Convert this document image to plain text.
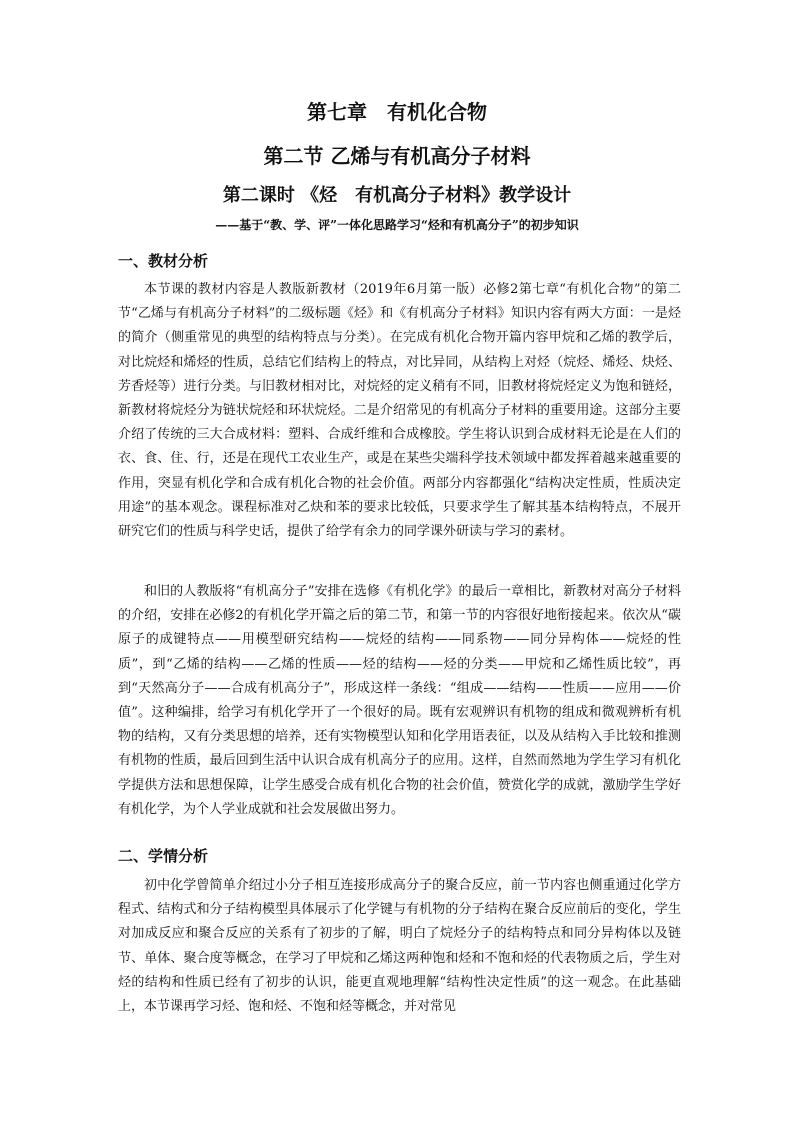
第七章　有机化合物
第二节 乙烯与有机高分子材料
第二课时 《烃　有机高分子材料》教学设计
——基于“教、学、评”一体化思路学习“烃和有机高分子”的初步知识
一、教材分析

本节课的教材内容是人教版新教材（2019年6月第一版）必修2第七章“有机化合物”的第二节“乙烯与有机高分子材料”的二级标题《烃》和《有机高分子材料》知识内容有两大方面：一是烃的简介（侧重常见的典型的结构特点与分类）。在完成有机化合物开篇内容甲烷和乙烯的教学后，对比烷烃和烯烃的性质，总结它们结构上的特点，对比异同，从结构上对烃（烷烃、烯烃、炔烃、芳香烃等）进行分类。与旧教材相对比，对烷烃的定义稍有不同，旧教材将烷烃定义为饱和链烃，新教材将烷烃分为链状烷烃和环状烷烃。二是介绍常见的有机高分子材料的重要用途。这部分主要介绍了传统的三大合成材料：塑料、合成纤维和合成橡胶。学生将认识到合成材料无论是在人们的衣、食、住、行，还是在现代工农业生产，或是在某些尖端科学技术领域中都发挥着越来越重要的作用，突显有机化学和合成有机化合物的社会价值。两部分内容都强化“结构决定性质，性质决定用途”的基本观念。课程标准对乙炔和苯的要求比较低，只要求学生了解其基本结构特点，不展开研究它们的性质与科学史话，提供了给学有余力的同学课外研读与学习的素材。

和旧的人教版将“有机高分子”安排在选修《有机化学》的最后一章相比，新教材对高分子材料的介绍，安排在必修2的有机化学开篇之后的第二节，和第一节的内容很好地衔接起来。依次从“碳原子的成键特点——用模型研究结构——烷烃的结构——同系物——同分异构体——烷烃的性质”，到“乙烯的结构——乙烯的性质——烃的结构——烃的分类——甲烷和乙烯性质比较”，再到“天然高分子——合成有机高分子”，形成这样一条线：“组成——结构——性质——应用——价值”。这种编排，给学习有机化学开了一个很好的局。既有宏观辨识有机物的组成和微观辨析有机物的结构，又有分类思想的培养，还有实物模型认知和化学用语表征，以及从结构入手比较和推测有机物的性质，最后回到生活中认识合成有机高分子的应用。这样，自然而然地为学生学习有机化学提供方法和思想保障，让学生感受合成有机化合物的社会价值，赞赏化学的成就，激励学生学好有机化学，为个人学业成就和社会发展做出努力。

二、学情分析

初中化学曾简单介绍过小分子相互连接形成高分子的聚合反应，前一节内容也侧重通过化学方程式、结构式和分子结构模型具体展示了化学键与有机物的分子结构在聚合反应前后的变化，学生对加成反应和聚合反应的关系有了初步的了解，明白了烷烃分子的结构特点和同分异构体以及链节、单体、聚合度等概念，在学习了甲烷和乙烯这两种饱和烃和不饱和烃的代表物质之后，学生对烃的结构和性质已经有了初步的认识，能更直观地理解“结构性决定性质”的这一观念。在此基础上，本节课再学习烃、饱和烃、不饱和烃等概念，并对常见
